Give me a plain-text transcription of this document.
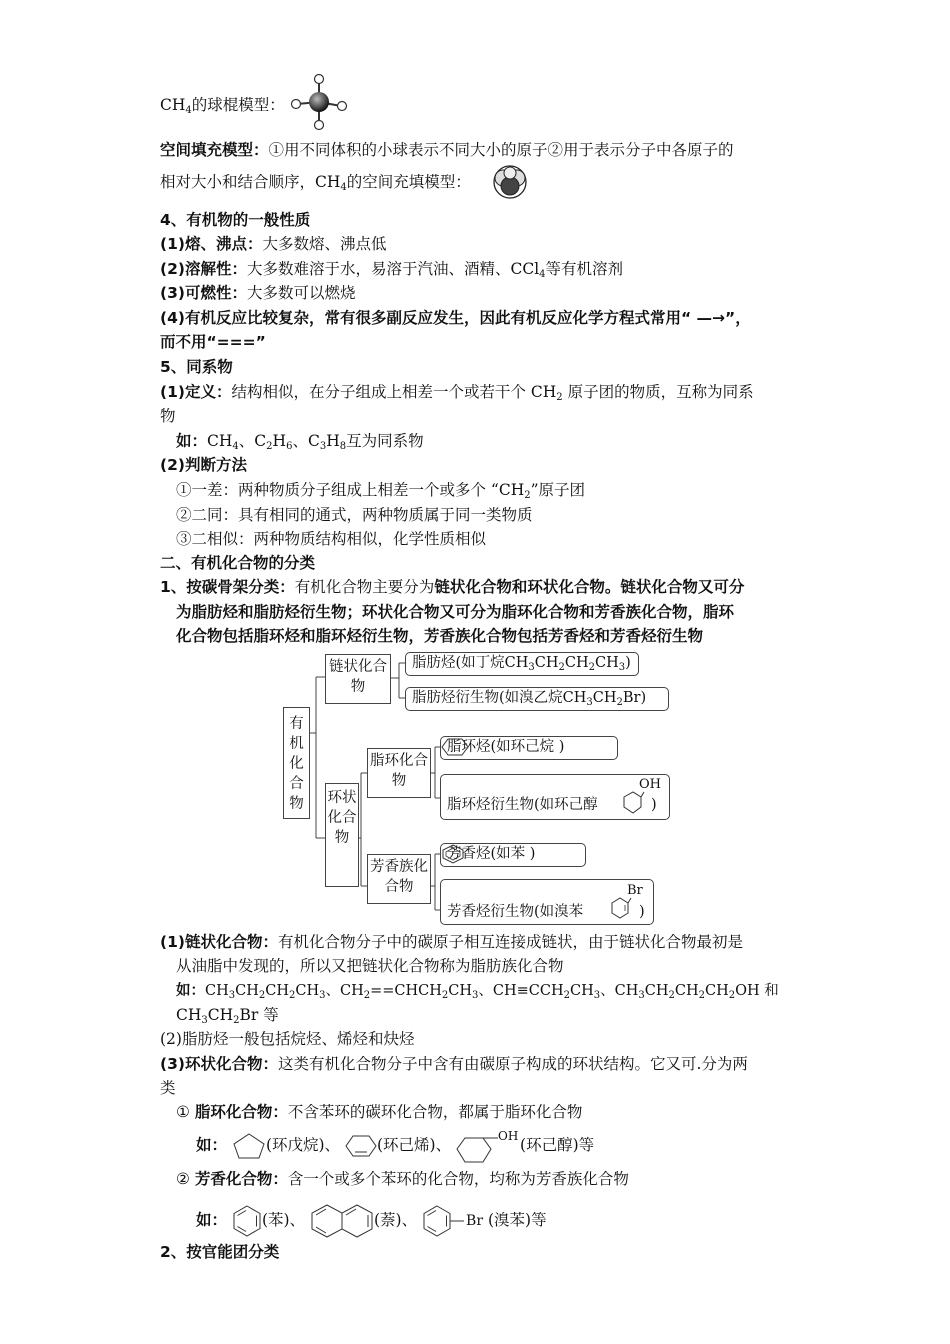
$CH_4$的球棍模型：
空间填充模型：①用不同体积的小球表示不同大小的原子②用于表示分子中各原子的
相对大小和结合顺序，$CH_4$的空间充填模型：
4、有机物的一般性质
(1)熔、沸点：大多数熔、沸点低
(2)溶解性：大多数难溶于水，易溶于汽油、酒精、CCl$_4$等有机溶剂
(3)可燃性：大多数可以燃烧
(4)有机反应比较复杂，常有很多副反应发生，因此有机反应化学方程式常用“ —→”，
而不用“===”
5、同系物
(1)定义：结构相似，在分子组成上相差一个或若干个 $CH_2$ 原子团的物质，互称为同系
物
如：$CH_4$、$C_2H_6$、$C_3H_8$互为同系物
(2)判断方法
①一差：两种物质分子组成上相差一个或多个 “$CH_2$”原子团
②二同：具有相同的通式，两种物质属于同一类物质
③二相似：两种物质结构相似，化学性质相似
二、有机化合物的分类
1、按碳骨架分类：有机化合物主要分为链状化合物和环状化合物。链状化合物又可分
为脂肪烃和脂肪烃衍生物；环状化合物又可分为脂环化合物和芳香族化合物，脂环
化合物包括脂环烃和脂环烃衍生物，芳香族化合物包括芳香烃和芳香烃衍生物
有机化合物
链状化合物
环状化合物
脂环化合物
芳香族化合物
脂肪烃(如丁烷$CH_3CH_2CH_2CH_3$)
脂肪烃衍生物(如溴乙烷$CH_3CH_2Br$)
脂环烃(如环己烷 )
脂环烃衍生物(如环己醇
OH
)
芳香烃(如苯 )
芳香烃衍生物(如溴苯
Br
)
(1)链状化合物：有机化合物分子中的碳原子相互连接成链状，由于链状化合物最初是
从油脂中发现的，所以又把链状化合物称为脂肪族化合物
如：$CH_3CH_2CH_2CH_3$、$CH_2==CHCH_2CH_3$、$CH\equiv CCH_2CH_3$、$CH_3CH_2CH_2CH_2OH$ 和
$CH_3CH_2Br$ 等
(2)脂肪烃一般包括烷烃、烯烃和炔烃
(3)环状化合物：这类有机化合物分子中含有由碳原子构成的环状结构。它又可.分为两
类
① 脂环化合物：不含苯环的碳环化合物，都属于脂环化合物
如：	(环戊烷)、 (环己烯)、	OH (环己醇)等
② 芳香化合物：含一个或多个苯环的化合物，均称为芳香族化合物
如： (苯)、	(萘)、	Br (溴苯)等
2、按官能团分类
